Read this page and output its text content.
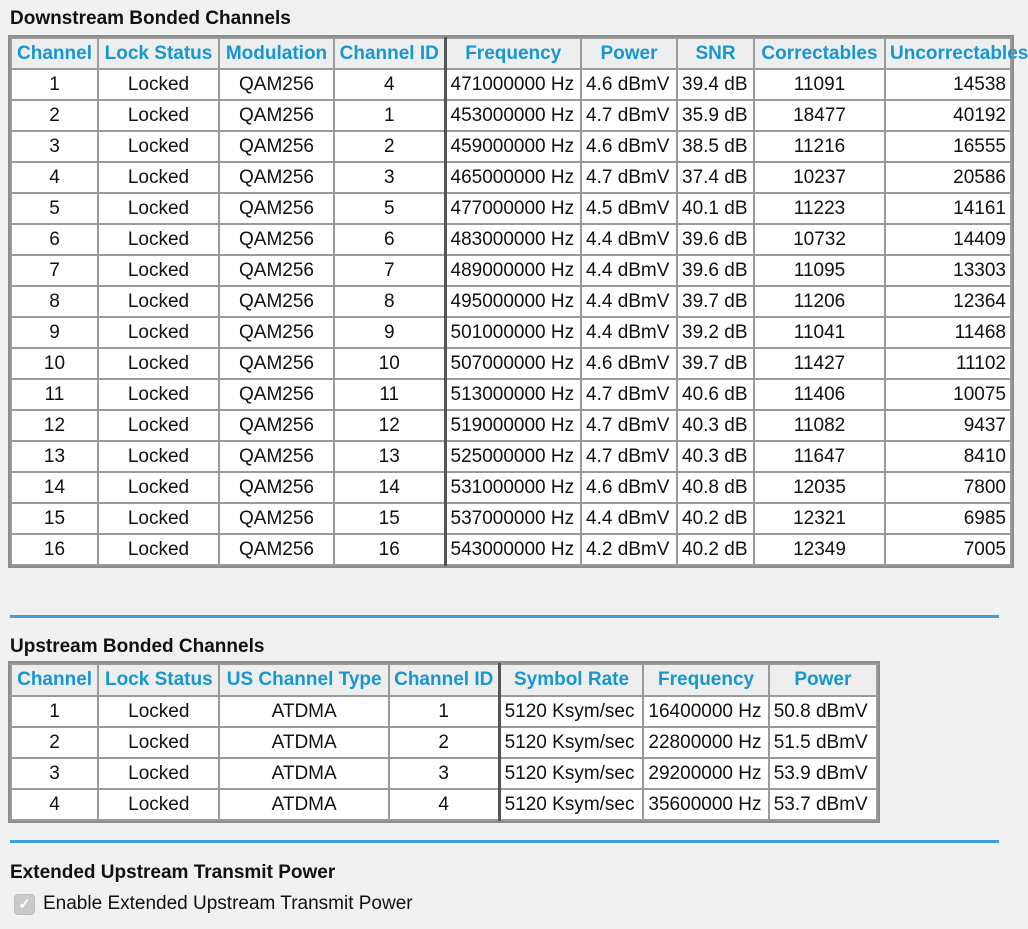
Downstream Bonded Channels
Channel	Lock Status	Modulation	Channel ID	Frequency	Power	SNR	Correctables	Uncorrectables
1	Locked	QAM256	4	471000000 Hz	4.6 dBmV	39.4 dB	11091	14538
2	Locked	QAM256	1	453000000 Hz	4.7 dBmV	35.9 dB	18477	40192
3	Locked	QAM256	2	459000000 Hz	4.6 dBmV	38.5 dB	11216	16555
4	Locked	QAM256	3	465000000 Hz	4.7 dBmV	37.4 dB	10237	20586
5	Locked	QAM256	5	477000000 Hz	4.5 dBmV	40.1 dB	11223	14161
6	Locked	QAM256	6	483000000 Hz	4.4 dBmV	39.6 dB	10732	14409
7	Locked	QAM256	7	489000000 Hz	4.4 dBmV	39.6 dB	11095	13303
8	Locked	QAM256	8	495000000 Hz	4.4 dBmV	39.7 dB	11206	12364
9	Locked	QAM256	9	501000000 Hz	4.4 dBmV	39.2 dB	11041	11468
10	Locked	QAM256	10	507000000 Hz	4.6 dBmV	39.7 dB	11427	11102
11	Locked	QAM256	11	513000000 Hz	4.7 dBmV	40.6 dB	11406	10075
12	Locked	QAM256	12	519000000 Hz	4.7 dBmV	40.3 dB	11082	9437
13	Locked	QAM256	13	525000000 Hz	4.7 dBmV	40.3 dB	11647	8410
14	Locked	QAM256	14	531000000 Hz	4.6 dBmV	40.8 dB	12035	7800
15	Locked	QAM256	15	537000000 Hz	4.4 dBmV	40.2 dB	12321	6985
16	Locked	QAM256	16	543000000 Hz	4.2 dBmV	40.2 dB	12349	7005
Upstream Bonded Channels
Channel	Lock Status	US Channel Type	Channel ID	Symbol Rate	Frequency	Power
1	Locked	ATDMA	1	5120 Ksym/sec	16400000 Hz	50.8 dBmV
2	Locked	ATDMA	2	5120 Ksym/sec	22800000 Hz	51.5 dBmV
3	Locked	ATDMA	3	5120 Ksym/sec	29200000 Hz	53.9 dBmV
4	Locked	ATDMA	4	5120 Ksym/sec	35600000 Hz	53.7 dBmV
Extended Upstream Transmit Power
✓ Enable Extended Upstream Transmit Power
